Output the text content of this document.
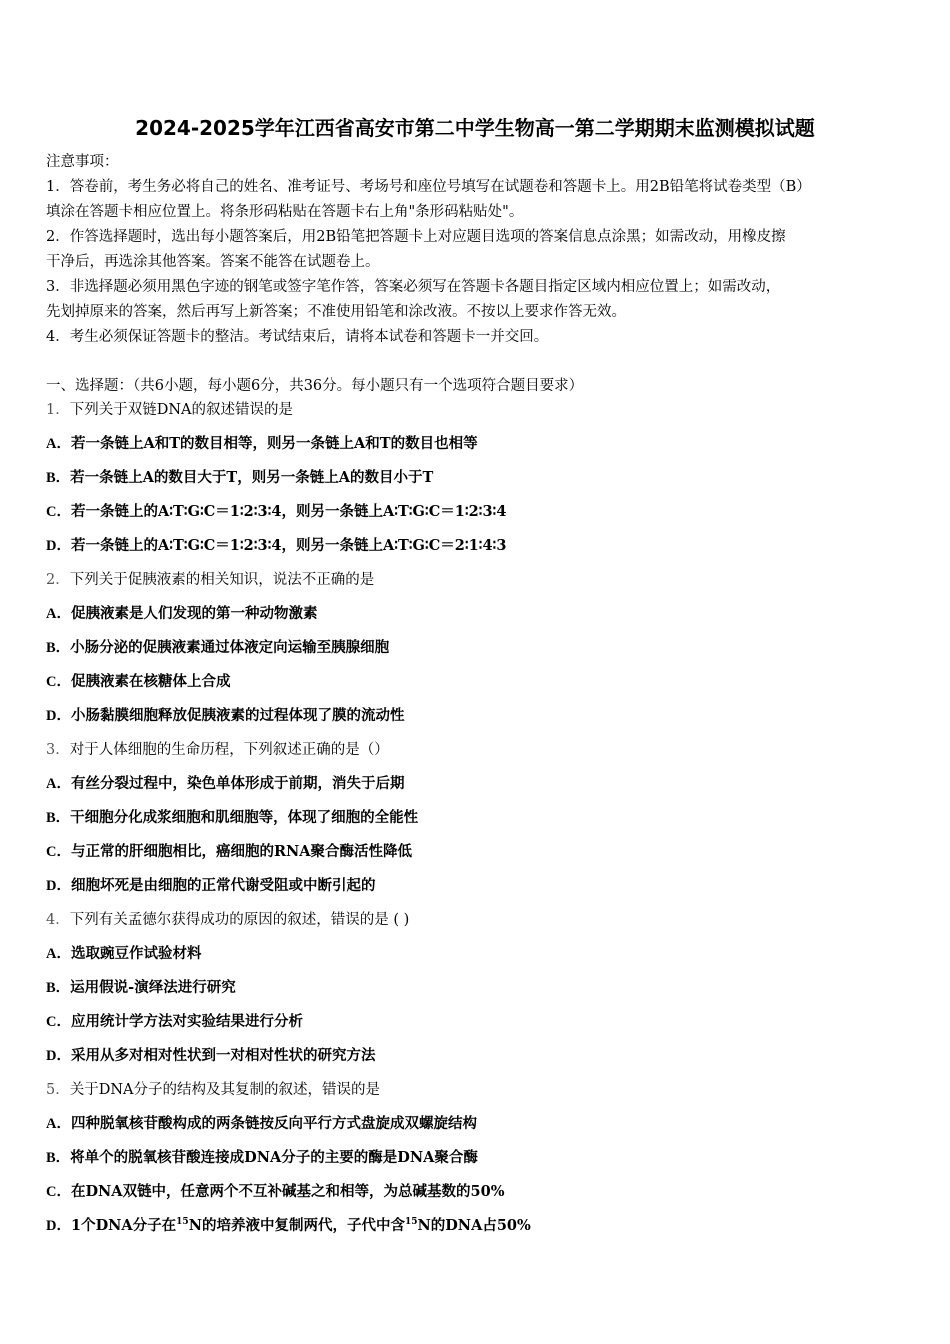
2024-2025学年江西省高安市第二中学生物高一第二学期期末监测模拟试题

注意事项：

1．答卷前，考生务必将自己的姓名、准考证号、考场号和座位号填写在试题卷和答题卡上。用2B铅笔将试卷类型（B）

填涂在答题卡相应位置上。将条形码粘贴在答题卡右上角"条形码粘贴处"。

2．作答选择题时，选出每小题答案后，用2B铅笔把答题卡上对应题目选项的答案信息点涂黑；如需改动，用橡皮擦

干净后，再选涂其他答案。答案不能答在试题卷上。

3．非选择题必须用黑色字迹的钢笔或签字笔作答，答案必须写在答题卡各题目指定区域内相应位置上；如需改动，

先划掉原来的答案，然后再写上新答案；不准使用铅笔和涂改液。不按以上要求作答无效。

4．考生必须保证答题卡的整洁。考试结束后，请将本试卷和答题卡一并交回。

一、选择题：（共6小题，每小题6分，共36分。每小题只有一个选项符合题目要求）
1．下列关于双链DNA的叙述错误的是
A．若一条链上A和T的数目相等，则另一条链上A和T的数目也相等
B．若一条链上A的数目大于T，则另一条链上A的数目小于T
C．若一条链上的A∶T∶G∶C＝1∶2∶3∶4，则另一条链上A∶T∶G∶C＝1∶2∶3∶4
D．若一条链上的A∶T∶G∶C＝1∶2∶3∶4，则另一条链上A∶T∶G∶C＝2∶1∶4∶3
2．下列关于促胰液素的相关知识，说法不正确的是
A．促胰液素是人们发现的第一种动物激素
B．小肠分泌的促胰液素通过体液定向运输至胰腺细胞
C．促胰液素在核糖体上合成
D．小肠黏膜细胞释放促胰液素的过程体现了膜的流动性
3．对于人体细胞的生命历程，下列叙述正确的是（）
A．有丝分裂过程中，染色单体形成于前期，消失于后期
B．干细胞分化成浆细胞和肌细胞等，体现了细胞的全能性
C．与正常的肝细胞相比，癌细胞的RNA聚合酶活性降低
D．细胞坏死是由细胞的正常代谢受阻或中断引起的
4．下列有关孟德尔获得成功的原因的叙述，错误的是 ( )
A．选取豌豆作试验材料
B．运用假说-演绎法进行研究
C．应用统计学方法对实验结果进行分析
D．采用从多对相对性状到一对相对性状的研究方法
5．关于DNA分子的结构及其复制的叙述，错误的是
A．四种脱氧核苷酸构成的两条链按反向平行方式盘旋成双螺旋结构
B．将单个的脱氧核苷酸连接成DNA分子的主要的酶是DNA聚合酶
C．在DNA双链中，任意两个不互补碱基之和相等，为总碱基数的50%
D．1个DNA分子在$^{15}$N的培养液中复制两代，子代中含$^{15}$N的DNA占50%
